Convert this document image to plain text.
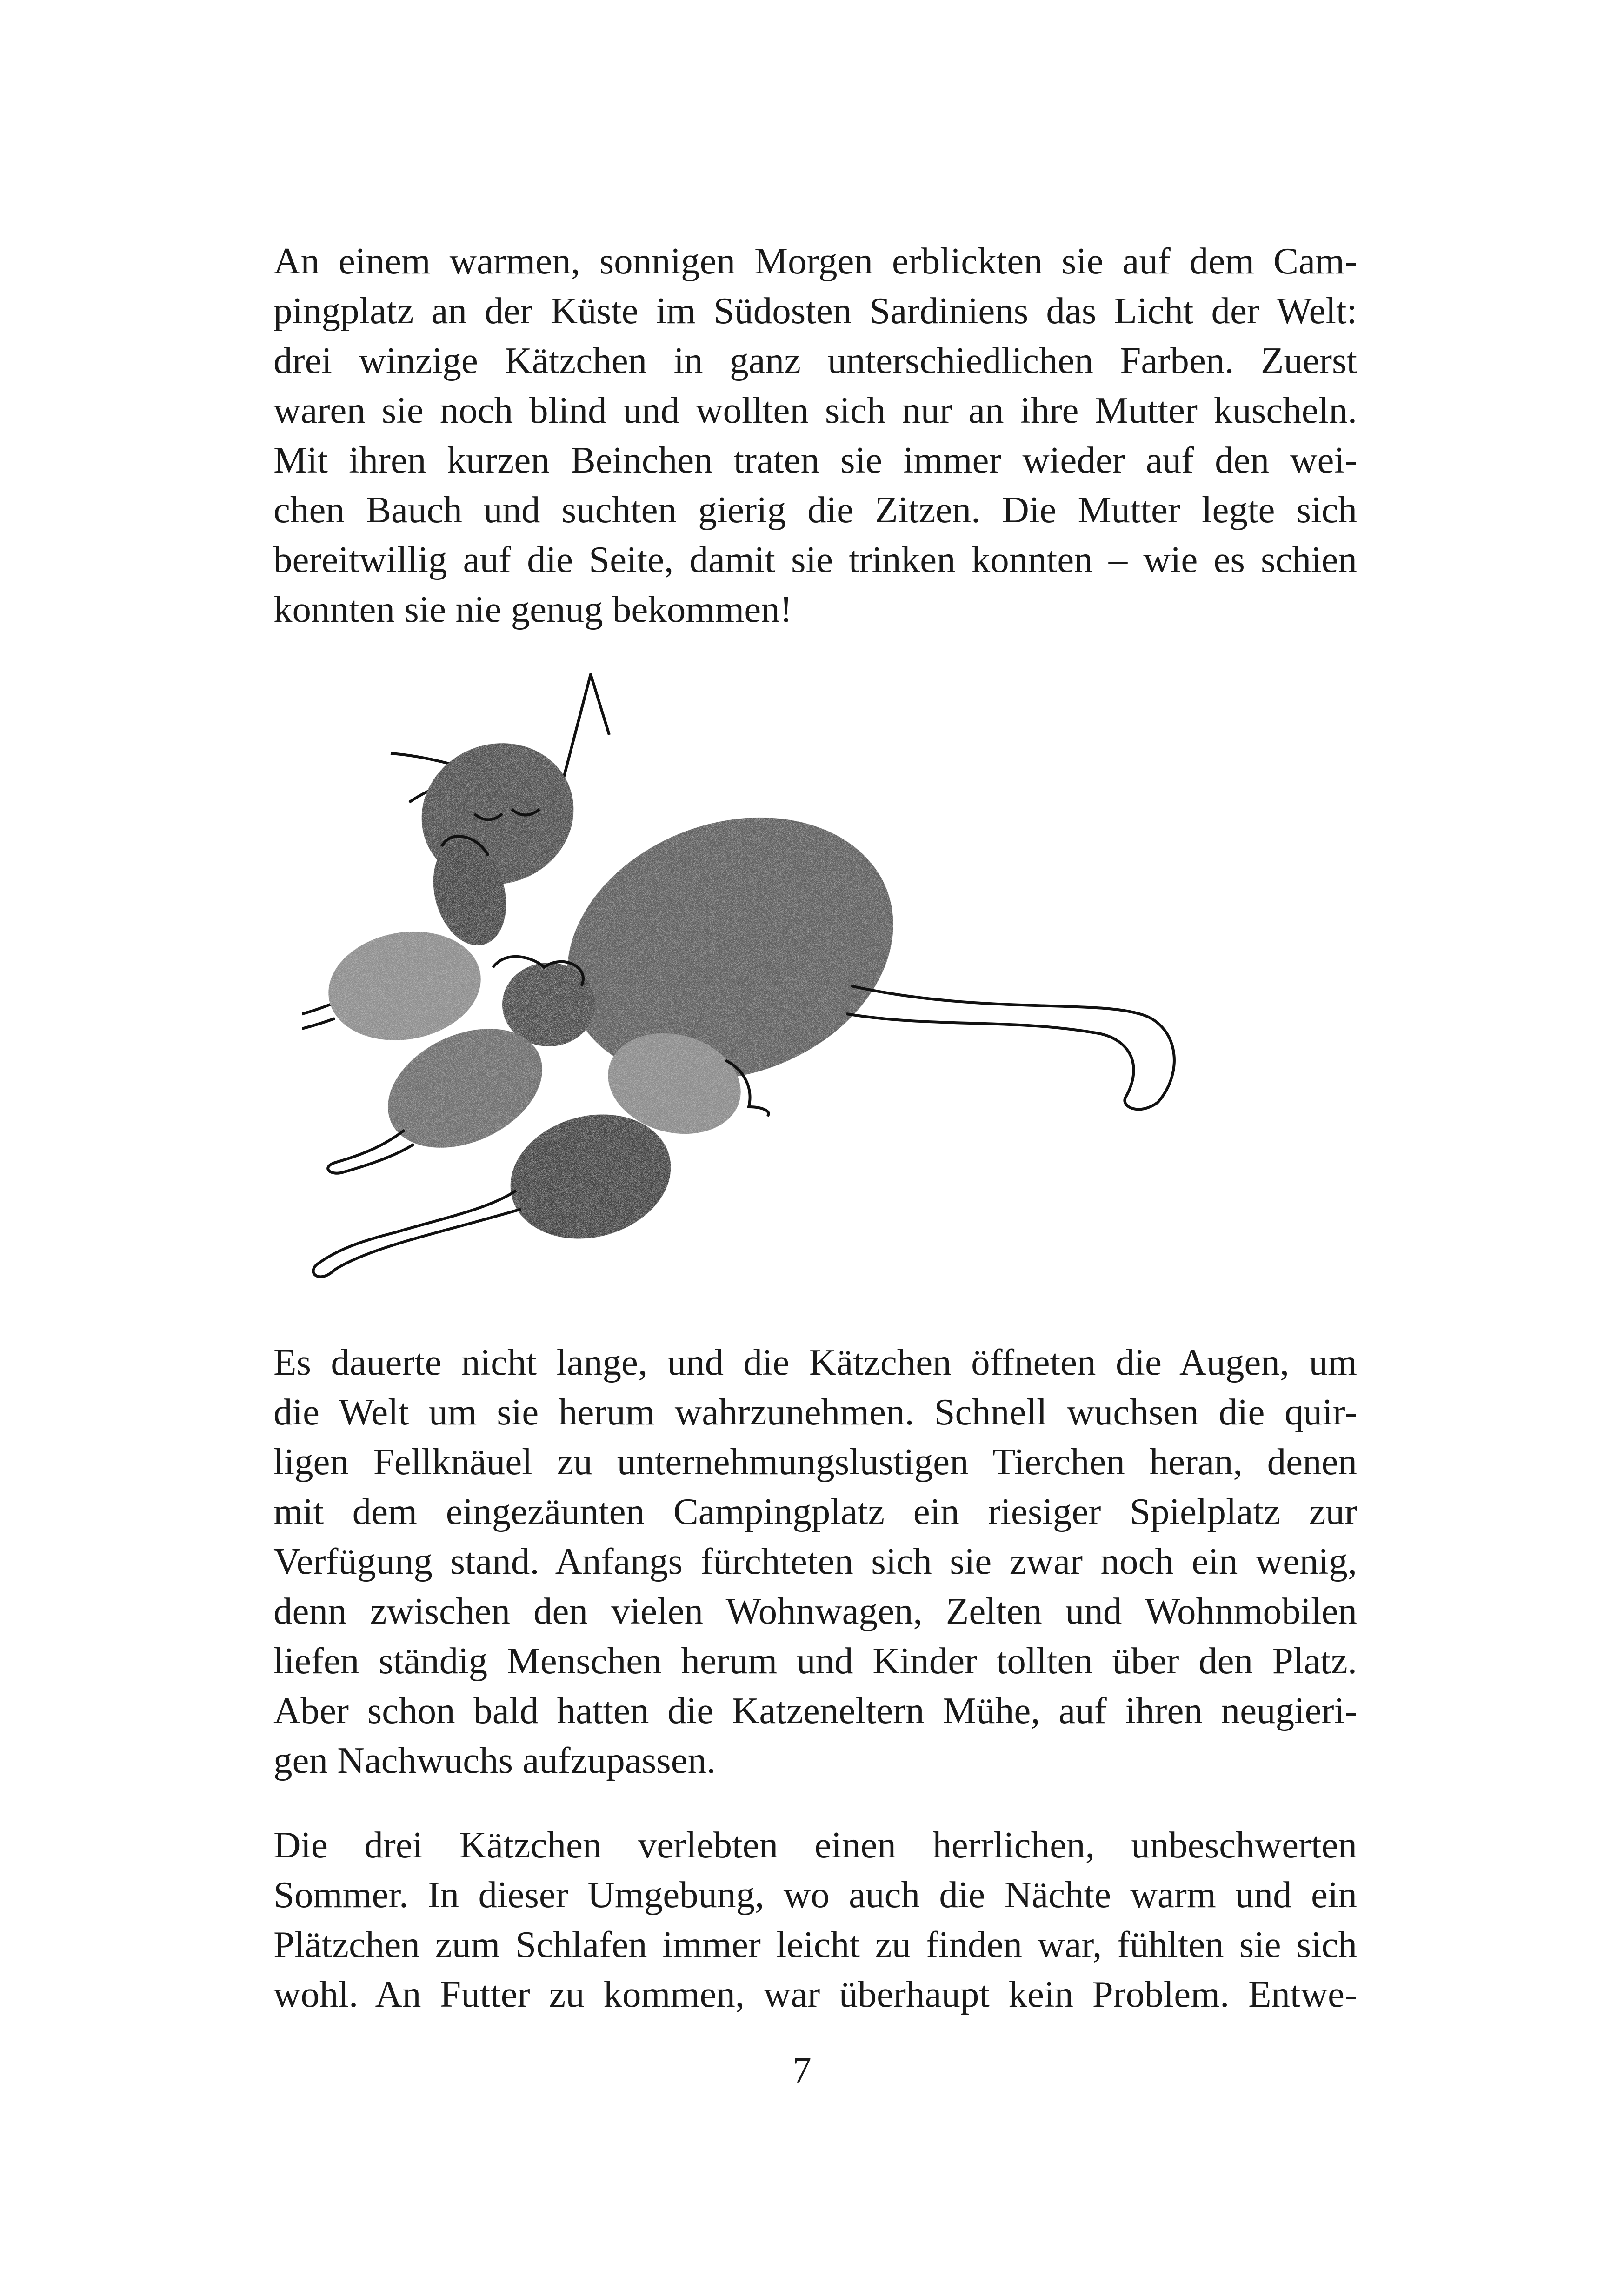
An einem warmen, sonnigen Morgen erblickten sie auf dem Cam-
pingplatz an der Küste im Südosten Sardiniens das Licht der Welt:
drei winzige Kätzchen in ganz unterschiedlichen Farben. Zuerst
waren sie noch blind und wollten sich nur an ihre Mutter kuscheln.
Mit ihren kurzen Beinchen traten sie immer wieder auf den wei-
chen Bauch und suchten gierig die Zitzen. Die Mutter legte sich
bereitwillig auf die Seite, damit sie trinken konnten – wie es schien
konnten sie nie genug bekommen!

Es dauerte nicht lange, und die Kätzchen öffneten die Augen, um
die Welt um sie herum wahrzunehmen. Schnell wuchsen die quir-
ligen Fellknäuel zu unternehmungslustigen Tierchen heran, denen
mit dem eingezäunten Campingplatz ein riesiger Spielplatz zur
Verfügung stand. Anfangs fürchteten sich sie zwar noch ein wenig,
denn zwischen den vielen Wohnwagen, Zelten und Wohnmobilen
liefen ständig Menschen herum und Kinder tollten über den Platz.
Aber schon bald hatten die Katzeneltern Mühe, auf ihren neugieri-
gen Nachwuchs aufzupassen.

Die drei Kätzchen verlebten einen herrlichen, unbeschwerten
Sommer. In dieser Umgebung, wo auch die Nächte warm und ein
Plätzchen zum Schlafen immer leicht zu finden war, fühlten sie sich
wohl. An Futter zu kommen, war überhaupt kein Problem. Entwe-

7
